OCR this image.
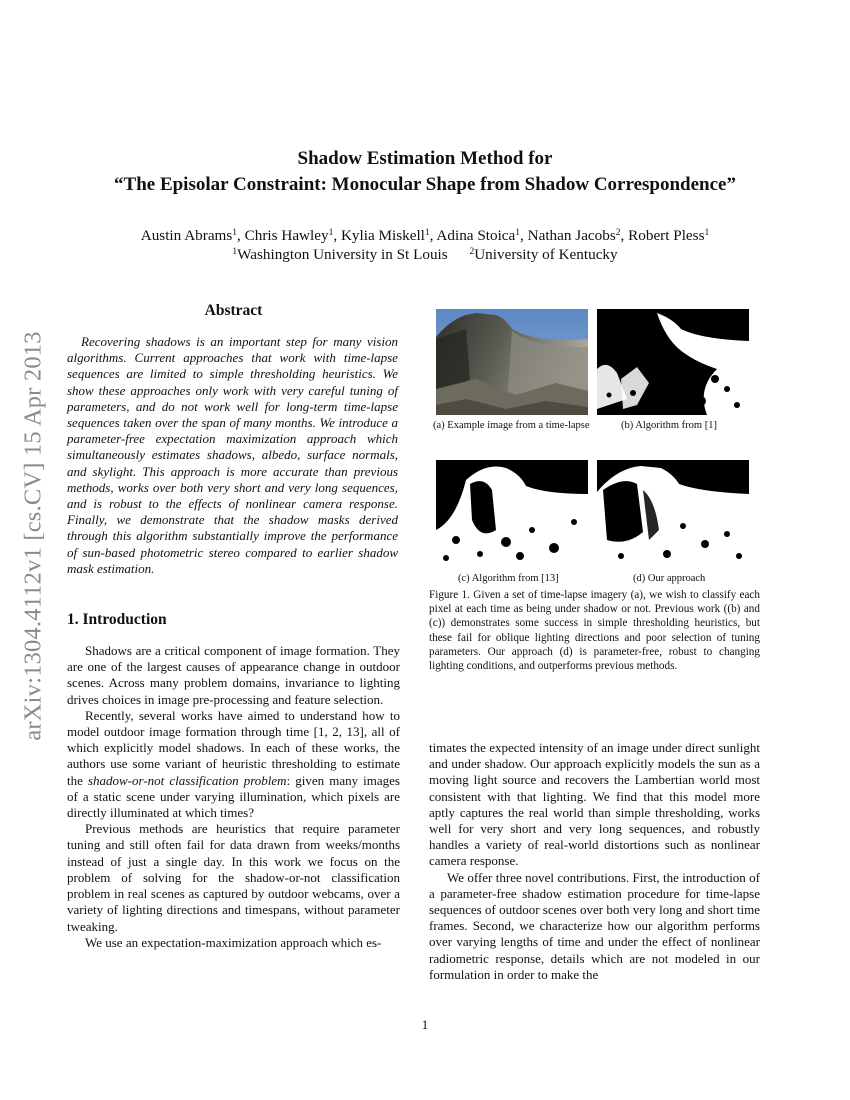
arXiv:1304.4112v1 [cs.CV] 15 Apr 2013
Shadow Estimation Method for
“The Episolar Constraint: Monocular Shape from Shadow Correspondence”
Austin Abrams$^1$, Chris Hawley$^1$, Kylia Miskell$^1$, Adina Stoica$^1$, Nathan Jacobs$^2$, Robert Pless$^1$
$^1$Washington University in St Louis $^2$University of Kentucky
Abstract

Recovering shadows is an important step for many vision algorithms. Current approaches that work with time-lapse sequences are limited to simple thresholding heuristics. We show these approaches only work with very careful tuning of parameters, and do not work well for long-term time-lapse sequences taken over the span of many months. We introduce a parameter-free expectation maximization approach which simultaneously estimates shadows, albedo, surface normals, and skylight. This approach is more accurate than previous methods, works over both very short and very long sequences, and is robust to the effects of nonlinear camera response. Finally, we demonstrate that the shadow masks derived through this algorithm substantially improve the performance of sun-based photometric stereo compared to earlier shadow mask estimation.

1. Introduction

Shadows are a critical component of image formation. They are one of the largest causes of appearance change in outdoor scenes. Across many problem domains, invariance to lighting drives choices in image pre-processing and feature selection.

Recently, several works have aimed to understand how to model outdoor image formation through time [1, 2, 13], all of which explicitly model shadows. In each of these works, the authors use some variant of heuristic thresholding to estimate the shadow-or-not classification problem: given many images of a static scene under varying illumination, which pixels are directly illuminated at which times?

Previous methods are heuristics that require parameter tuning and still often fail for data drawn from weeks/months instead of just a single day. In this work we focus on the problem of solving for the shadow-or-not classification problem in real scenes as captured by outdoor webcams, over a variety of lighting directions and timespans, without parameter tweaking.

We use an expectation-maximization approach which es-

(a) Example image from a time-lapse	(b) Algorithm from [1]
(c) Algorithm from [13]	(d) Our approach
Figure 1. Given a set of time-lapse imagery (a), we wish to classify each pixel at each time as being under shadow or not. Previous work ((b) and (c)) demonstrates some success in simple thresholding heuristics, but these fail for oblique lighting directions and poor selection of tuning parameters. Our approach (d) is parameter-free, robust to changing lighting conditions, and outperforms previous methods.

timates the expected intensity of an image under direct sunlight and under shadow. Our approach explicitly models the sun as a moving light source and recovers the Lambertian world most consistent with that lighting. We find that this model more aptly captures the real world than simple thresholding, works well for very short and very long sequences, and robustly handles a variety of real-world distortions such as nonlinear camera response.

We offer three novel contributions. First, the introduction of a parameter-free shadow estimation procedure for time-lapse sequences of outdoor scenes over both very long and short time frames. Second, we characterize how our algorithm performs over varying lengths of time and under the effect of nonlinear radiometric response, details which are not modeled in our formulation in order to make the

1
